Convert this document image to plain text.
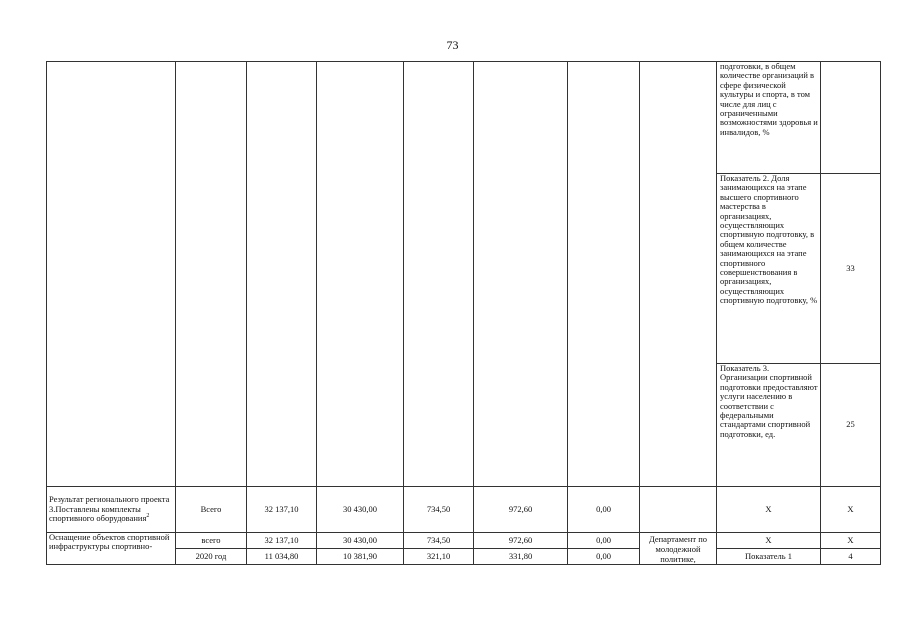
73
								подготовки, в общем количестве организаций в сфере физической культуры и спорта, в том числе для лиц с ограниченными возможностями здоровья и инвалидов, %	
								Показатель 2. Доля занимающихся на этапе высшего спортивного мастерства в организациях, осуществляющих спортивную подготовку, в общем количестве занимающихся на этапе спортивного совершенствования в организациях, осуществляющих спортивную подготовку, %	33
								Показатель 3. Организации спортивной подготовки предоставляют услуги населению в соответствии с федеральными стандартами спортивной подготовки, ед.	25
Результат регионального проекта 3.Поставлены комплекты спортивного оборудования$^2$	Всего	32 137,10	30 430,00	734,50	972,60	0,00		Х	Х
Оснащение объектов спортивной инфраструктуры спортивно-	всего	32 137,10	30 430,00	734,50	972,60	0,00	Департамент по молодежной политике,	Х	Х
	2020 год	11 034,80	10 381,90	321,10	331,80	0,00		Показатель 1	4
